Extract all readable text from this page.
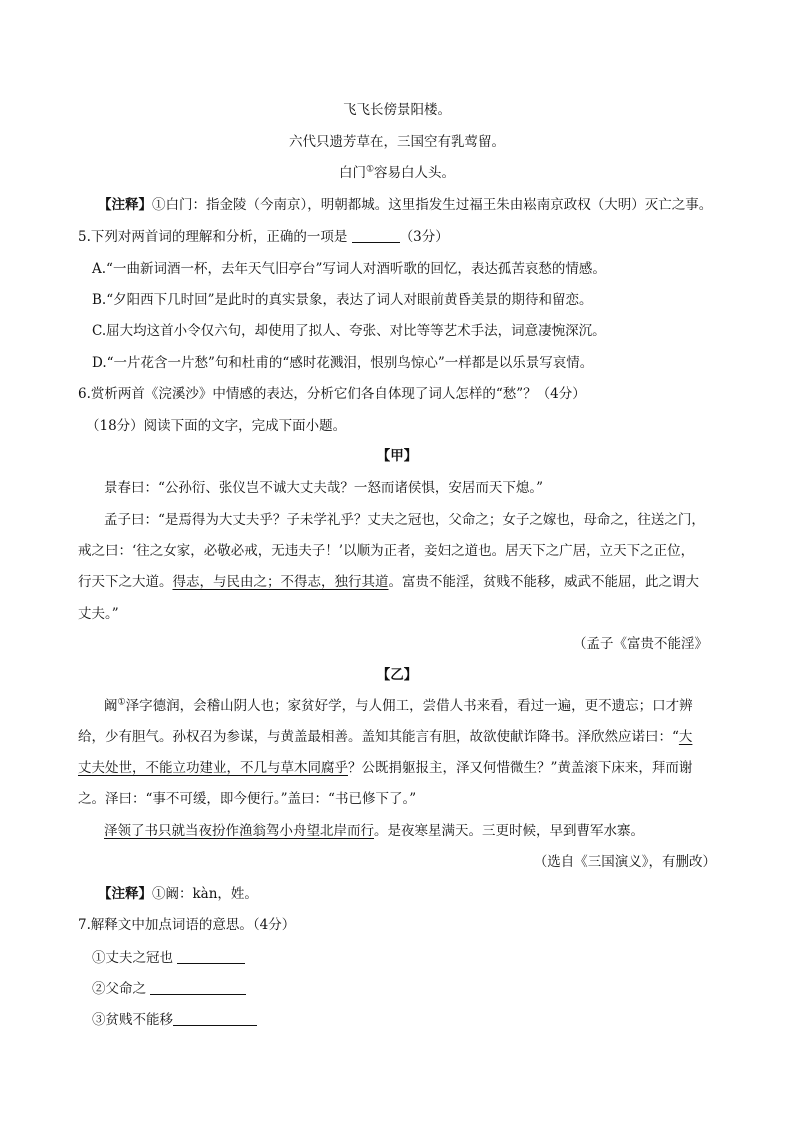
飞飞长傍景阳楼。
六代只遗芳草在，三国空有乳莺留。
白门①容易白人头。
【注释】①白门：指金陵（今南京），明朝都城。这里指发生过福王朱由崧南京政权（大明）灭亡之事。
5.下列对两首词的理解和分析，正确的一项是	（3分）
A.“一曲新词酒一杯，去年天气旧亭台”写词人对酒听歌的回忆，表达孤苦哀愁的情感。
B.“夕阳西下几时回”是此时的真实景象，表达了词人对眼前黄昏美景的期待和留恋。
C.屈大均这首小令仅六句，却使用了拟人、夸张、对比等等艺术手法，词意凄惋深沉。
D.“一片花含一片愁”句和杜甫的“感时花溅泪，恨别鸟惊心”一样都是以乐景写哀情。
6.赏析两首《浣溪沙》中情感的表达，分析它们各自体现了词人怎样的“愁”？（4分）
（18分）阅读下面的文字，完成下面小题。
【甲】
景春曰：“公孙衍、张仪岂不诚大丈夫哉？一怒而诸侯惧，安居而天下熄。”
孟子曰：“是焉得为大丈夫乎？子未学礼乎？丈夫之冠也，父命之；女子之嫁也，母命之，往送之门，
戒之曰：‘往之女家，必敬必戒，无违夫子！’以顺为正者，妾妇之道也。居天下之广居，立天下之正位，
行天下之大道。得志，与民由之；不得志，独行其道。富贵不能淫，贫贱不能移，威武不能屈，此之谓大
丈夫。”
（孟子《富贵不能淫》
【乙】
阚①泽字德润，会稽山阴人也；家贫好学，与人佣工，尝借人书来看，看过一遍，更不遗忘；口才辨
给，少有胆气。孙权召为参谋，与黄盖最相善。盖知其能言有胆，故欲使献诈降书。泽欣然应诺曰：“大
丈夫处世，不能立功建业，不几与草木同腐乎？公既捐躯报主，泽又何惜微生？”黄盖滚下床来，拜而谢
之。泽曰：“事不可缓，即今便行。”盖曰：“书已修下了。”
泽领了书只就当夜扮作渔翁驾小舟望北岸而行。是夜寒星满天。三更时候，早到曹军水寨。
（选自《三国演义》，有删改）
【注释】①阚：kàn，姓。
7.解释文中加点词语的意思。（4分）
①丈夫之冠也
②父命之
③贫贱不能移
